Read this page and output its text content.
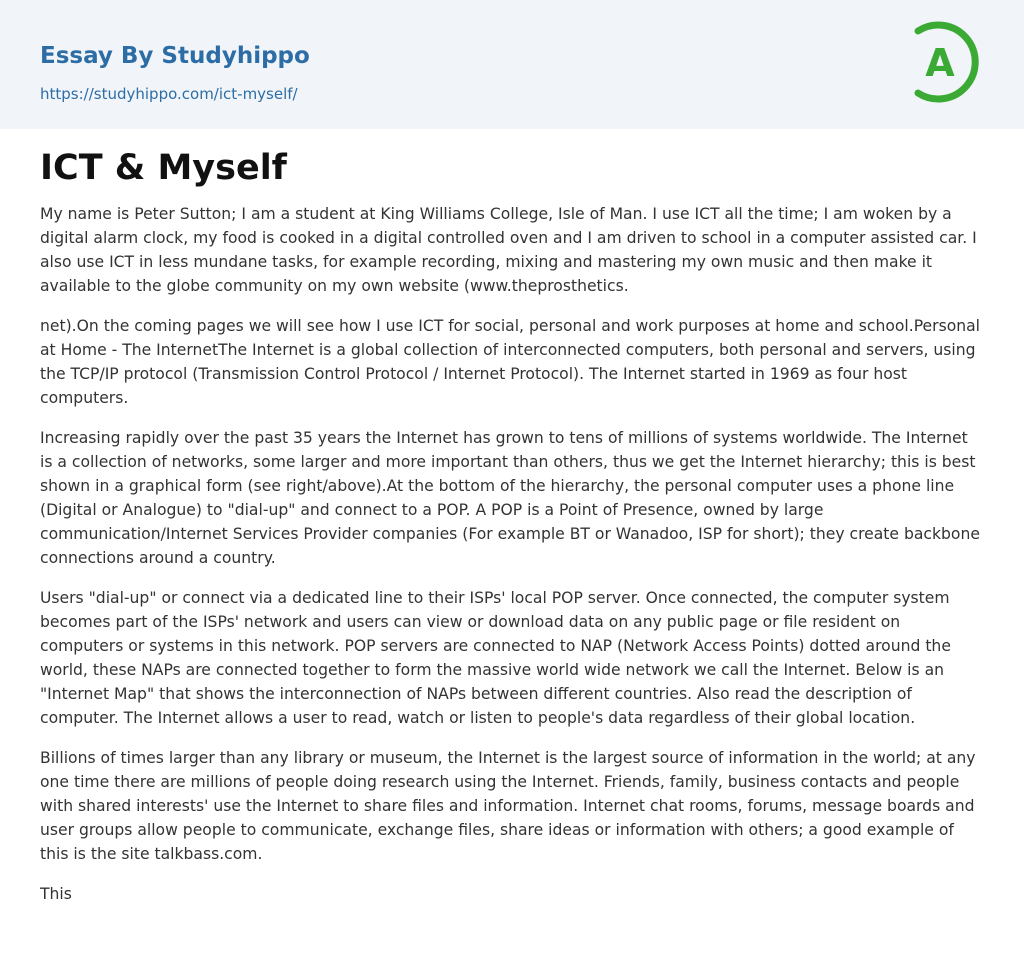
Essay By Studyhippo
https://studyhippo.com/ict-myself/
A
ICT & Myself

My name is Peter Sutton; I am a student at King Williams College, Isle of Man. I use ICT all the time; I am woken by a digital alarm clock, my food is cooked in a digital controlled oven and I am driven to school in a computer assisted car. I also use ICT in less mundane tasks, for example recording, mixing and mastering my own music and then make it available to the globe community on my own website (www.theprosthetics.

net).On the coming pages we will see how I use ICT for social, personal and work purposes at home and school.Personal at Home - The InternetThe Internet is a global collection of interconnected computers, both personal and servers, using the TCP/IP protocol (Transmission Control Protocol / Internet Protocol). The Internet started in 1969 as four host computers.

Increasing rapidly over the past 35 years the Internet has grown to tens of millions of systems worldwide. The Internet is a collection of networks, some larger and more important than others, thus we get the Internet hierarchy; this is best shown in a graphical form (see right/above).At the bottom of the hierarchy, the personal computer uses a phone line (Digital or Analogue) to "dial-up" and connect to a POP. A POP is a Point of Presence, owned by large communication/Internet Services Provider companies (For example BT or Wanadoo, ISP for short); they create backbone connections around a country.

Users "dial-up" or connect via a dedicated line to their ISPs' local POP server. Once connected, the computer system becomes part of the ISPs' network and users can view or download data on any public page or file resident on computers or systems in this network. POP servers are connected to NAP (Network Access Points) dotted around the world, these NAPs are connected together to form the massive world wide network we call the Internet. Below is an "Internet Map" that shows the interconnection of NAPs between different countries. Also read the description of computer. The Internet allows a user to read, watch or listen to people's data regardless of their global location.

Billions of times larger than any library or museum, the Internet is the largest source of information in the world; at any one time there are millions of people doing research using the Internet. Friends, family, business contacts and people with shared interests' use the Internet to share files and information. Internet chat rooms, forums, message boards and user groups allow people to communicate, exchange files, share ideas or information with others; a good example of this is the site talkbass.com.

This
